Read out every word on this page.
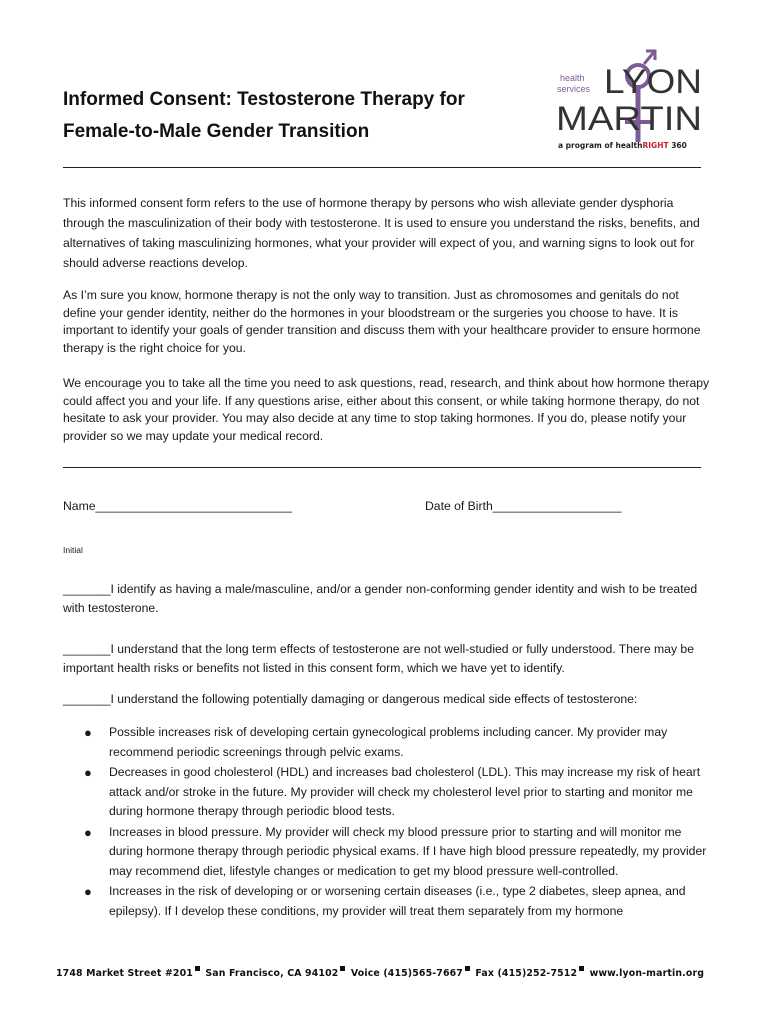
Informed Consent: Testosterone Therapy for
Female-to-Male Gender Transition
health
services LYON
MARTIN
a program of healthRIGHT 360
This informed consent form refers to the use of hormone therapy by persons who wish alleviate gender dysphoria through the masculinization of their body with testosterone. It is used to ensure you understand the risks, benefits, and alternatives of taking masculinizing hormones, what your provider will expect of you, and warning signs to look out for should adverse reactions develop.
As I’m sure you know, hormone therapy is not the only way to transition. Just as chromosomes and genitals do not define your gender identity, neither do the hormones in your bloodstream or the surgeries you choose to have. It is important to identify your goals of gender transition and discuss them with your healthcare provider to ensure hormone therapy is the right choice for you.
We encourage you to take all the time you need to ask questions, read, research, and think about how hormone therapy could affect you and your life. If any questions arise, either about this consent, or while taking hormone therapy, do not hesitate to ask your provider. You may also decide at any time to stop taking hormones. If you do, please notify your provider so we may update your medical record.
Name_____________________________	Date of Birth___________________
Initial
_______I identify as having a male/masculine, and/or a gender non-conforming gender identity and wish to be treated with testosterone.
_______I understand that the long term effects of testosterone are not well-studied or fully understood. There may be important health risks or benefits not listed in this consent form, which we have yet to identify.
_______I understand the following potentially damaging or dangerous medical side effects of testosterone:
● Possible increases risk of developing certain gynecological problems including cancer. My provider may recommend periodic screenings through pelvic exams.
● Decreases in good cholesterol (HDL) and increases bad cholesterol (LDL). This may increase my risk of heart attack and/or stroke in the future. My provider will check my cholesterol level prior to starting and monitor me during hormone therapy through periodic blood tests.
● Increases in blood pressure. My provider will check my blood pressure prior to starting and will monitor me during hormone therapy through periodic physical exams. If I have high blood pressure repeatedly, my provider may recommend diet, lifestyle changes or medication to get my blood pressure well-controlled.
● Increases in the risk of developing or or worsening certain diseases (i.e., type 2 diabetes, sleep apnea, and epilepsy). If I develop these conditions, my provider will treat them separately from my hormone
1748 Market Street #201 San Francisco, CA 94102 Voice (415)565-7667 Fax (415)252-7512 www.lyon-martin.org
